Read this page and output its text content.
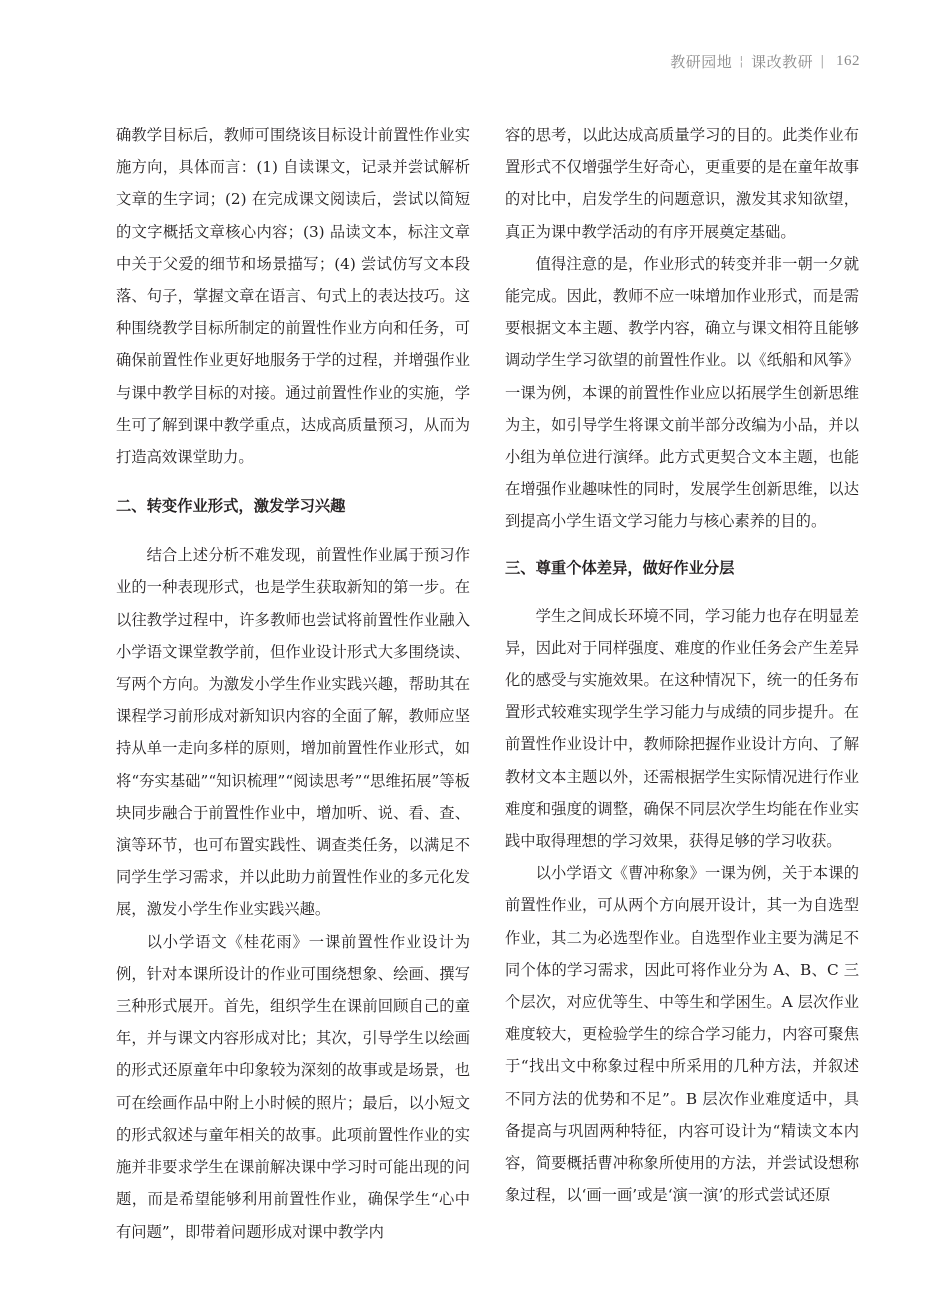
教研园地 ¦ 课改教研 | 162

确教学目标后，教师可围绕该目标设计前置性作业实施方向，具体而言：(1) 自读课文，记录并尝试解析文章的生字词；(2) 在完成课文阅读后，尝试以简短的文字概括文章核心内容；(3) 品读文本，标注文章中关于父爱的细节和场景描写；(4) 尝试仿写文本段落、句子，掌握文章在语言、句式上的表达技巧。这种围绕教学目标所制定的前置性作业方向和任务，可确保前置性作业更好地服务于学的过程，并增强作业与课中教学目标的对接。通过前置性作业的实施，学生可了解到课中教学重点，达成高质量预习，从而为打造高效课堂助力。

二、转变作业形式，激发学习兴趣

结合上述分析不难发现，前置性作业属于预习作业的一种表现形式，也是学生获取新知的第一步。在以往教学过程中，许多教师也尝试将前置性作业融入小学语文课堂教学前，但作业设计形式大多围绕读、写两个方向。为激发小学生作业实践兴趣，帮助其在课程学习前形成对新知识内容的全面了解，教师应坚持从单一走向多样的原则，增加前置性作业形式，如将“夯实基础”“知识梳理”“阅读思考”“思维拓展”等板块同步融合于前置性作业中，增加听、说、看、查、演等环节，也可布置实践性、调查类任务，以满足不同学生学习需求，并以此助力前置性作业的多元化发展，激发小学生作业实践兴趣。

以小学语文《桂花雨》一课前置性作业设计为例，针对本课所设计的作业可围绕想象、绘画、撰写三种形式展开。首先，组织学生在课前回顾自己的童年，并与课文内容形成对比；其次，引导学生以绘画的形式还原童年中印象较为深刻的故事或是场景，也可在绘画作品中附上小时候的照片；最后，以小短文的形式叙述与童年相关的故事。此项前置性作业的实施并非要求学生在课前解决课中学习时可能出现的问题，而是希望能够利用前置性作业，确保学生“心中有问题”，即带着问题形成对课中教学内

容的思考，以此达成高质量学习的目的。此类作业布置形式不仅增强学生好奇心，更重要的是在童年故事的对比中，启发学生的问题意识，激发其求知欲望，真正为课中教学活动的有序开展奠定基础。

值得注意的是，作业形式的转变并非一朝一夕就能完成。因此，教师不应一味增加作业形式，而是需要根据文本主题、教学内容，确立与课文相符且能够调动学生学习欲望的前置性作业。以《纸船和风筝》一课为例，本课的前置性作业应以拓展学生创新思维为主，如引导学生将课文前半部分改编为小品，并以小组为单位进行演绎。此方式更契合文本主题，也能在增强作业趣味性的同时，发展学生创新思维，以达到提高小学生语文学习能力与核心素养的目的。

三、尊重个体差异，做好作业分层

学生之间成长环境不同，学习能力也存在明显差异，因此对于同样强度、难度的作业任务会产生差异化的感受与实施效果。在这种情况下，统一的任务布置形式较难实现学生学习能力与成绩的同步提升。在前置性作业设计中，教师除把握作业设计方向、了解教材文本主题以外，还需根据学生实际情况进行作业难度和强度的调整，确保不同层次学生均能在作业实践中取得理想的学习效果，获得足够的学习收获。

以小学语文《曹冲称象》一课为例，关于本课的前置性作业，可从两个方向展开设计，其一为自选型作业，其二为必选型作业。自选型作业主要为满足不同个体的学习需求，因此可将作业分为 A、B、C 三个层次，对应优等生、中等生和学困生。A 层次作业难度较大，更检验学生的综合学习能力，内容可聚焦于“找出文中称象过程中所采用的几种方法，并叙述不同方法的优势和不足”。B 层次作业难度适中，具备提高与巩固两种特征，内容可设计为“精读文本内容，简要概括曹冲称象所使用的方法，并尝试设想称象过程，以‘画一画’或是‘演一演’的形式尝试还原
